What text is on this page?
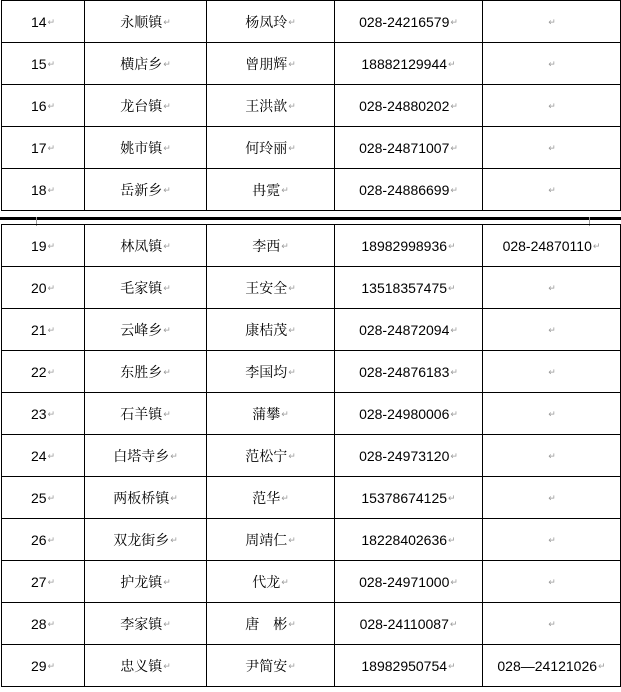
14↵	永顺镇↵	杨凤玲↵	028-24216579↵	↵
15↵	横店乡↵	曾朋辉↵	18882129944↵	↵
16↵	龙台镇↵	王洪歆↵	028-24880202↵	↵
17↵	姚市镇↵	何玲丽↵	028-24871007↵	↵
18↵	岳新乡↵	冉霓↵	028-24886699↵	↵
19↵	林凤镇↵	李西↵	18982998936↵	028-24870110↵
20↵	毛家镇↵	王安全↵	13518357475↵	↵
21↵	云峰乡↵	康桔茂↵	028-24872094↵	↵
22↵	东胜乡↵	李国均↵	028-24876183↵	↵
23↵	石羊镇↵	蒲攀↵	028-24980006↵	↵
24↵	白塔寺乡↵	范松宁↵	028-24973120↵	↵
25↵	两板桥镇↵	范华↵	15378674125↵	↵
26↵	双龙街乡↵	周靖仁↵	18228402636↵	↵
27↵	护龙镇↵	代龙↵	028-24971000↵	↵
28↵	李家镇↵	唐　彬↵	028-24110087↵	↵
29↵	忠义镇↵	尹简安↵	18982950754↵	028—24121026↵
